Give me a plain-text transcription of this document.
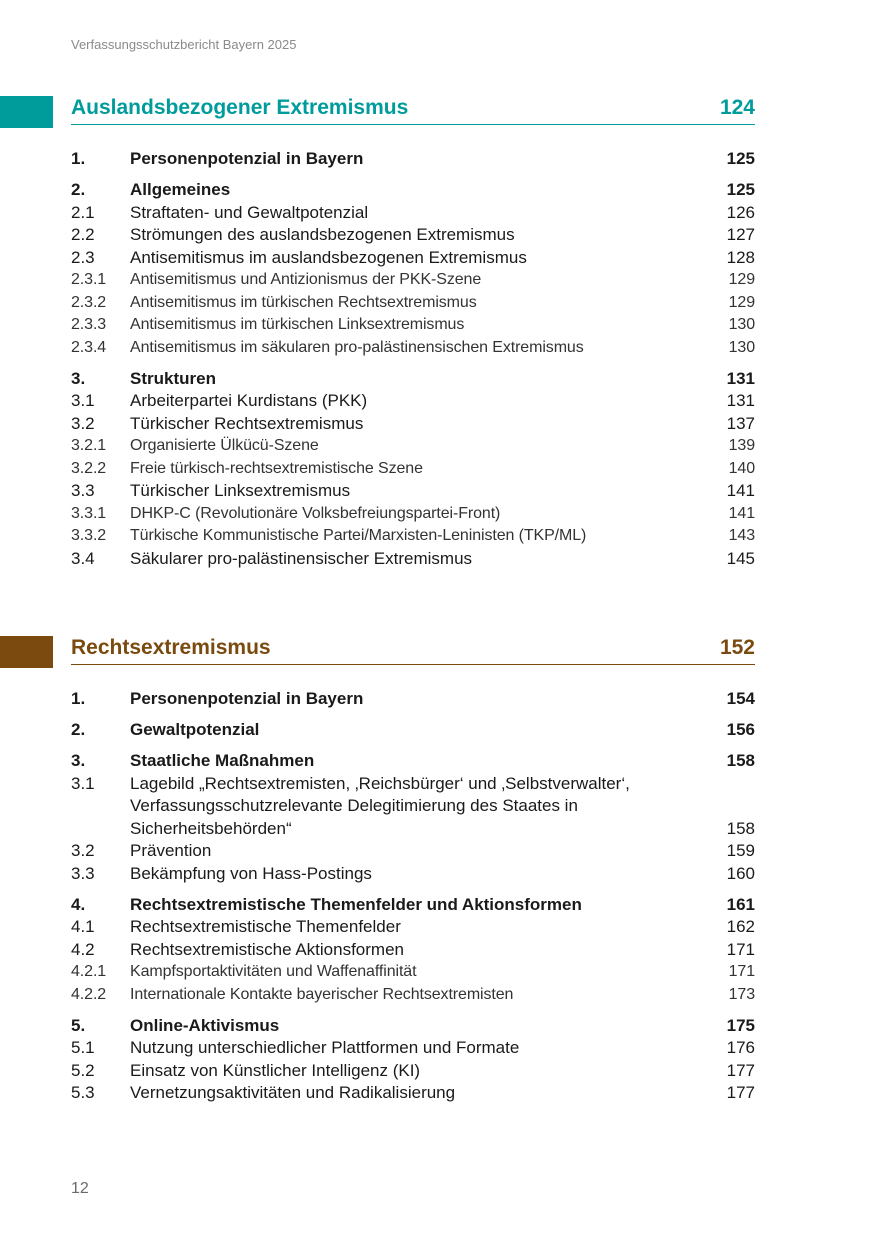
Verfassungsschutzbericht Bayern 2025
Auslandsbezogener Extremismus	124
1.	Personenpotenzial in Bayern	125
2.	Allgemeines	125
2.1	Straftaten- und Gewaltpotenzial	126
2.2	Strömungen des auslandsbezogenen Extremismus	127
2.3	Antisemitismus im auslandsbezogenen Extremismus	128
2.3.1	Antisemitismus und Antizionismus der PKK-Szene	129
2.3.2	Antisemitismus im türkischen Rechtsextremismus	129
2.3.3	Antisemitismus im türkischen Linksextremismus	130
2.3.4	Antisemitismus im säkularen pro-palästinensischen Extremismus	130
3.	Strukturen	131
3.1	Arbeiterpartei Kurdistans (PKK)	131
3.2	Türkischer Rechtsextremismus	137
3.2.1	Organisierte Ülkücü-Szene	139
3.2.2	Freie türkisch-rechtsextremistische Szene	140
3.3	Türkischer Linksextremismus	141
3.3.1	DHKP-C (Revolutionäre Volksbefreiungspartei-Front)	141
3.3.2	Türkische Kommunistische Partei/Marxisten-Leninisten (TKP/ML)	143
3.4	Säkularer pro-palästinensischer Extremismus	145
Rechtsextremismus	152
1.	Personenpotenzial in Bayern	154
2.	Gewaltpotenzial	156
3.	Staatliche Maßnahmen	158
3.1	Lagebild „Rechtsextremisten, ‚Reichsbürger‘ und ‚Selbstverwalter‘, Verfassungsschutzrelevante Delegitimierung des Staates in Sicherheitsbehörden“	158
3.2	Prävention	159
3.3	Bekämpfung von Hass-Postings	160
4.	Rechtsextremistische Themenfelder und Aktionsformen	161
4.1	Rechtsextremistische Themenfelder	162
4.2	Rechtsextremistische Aktionsformen	171
4.2.1	Kampfsportaktivitäten und Waffenaffinität	171
4.2.2	Internationale Kontakte bayerischer Rechtsextremisten	173
5.	Online-Aktivismus	175
5.1	Nutzung unterschiedlicher Plattformen und Formate	176
5.2	Einsatz von Künstlicher Intelligenz (KI)	177
5.3	Vernetzungsaktivitäten und Radikalisierung	177
12
